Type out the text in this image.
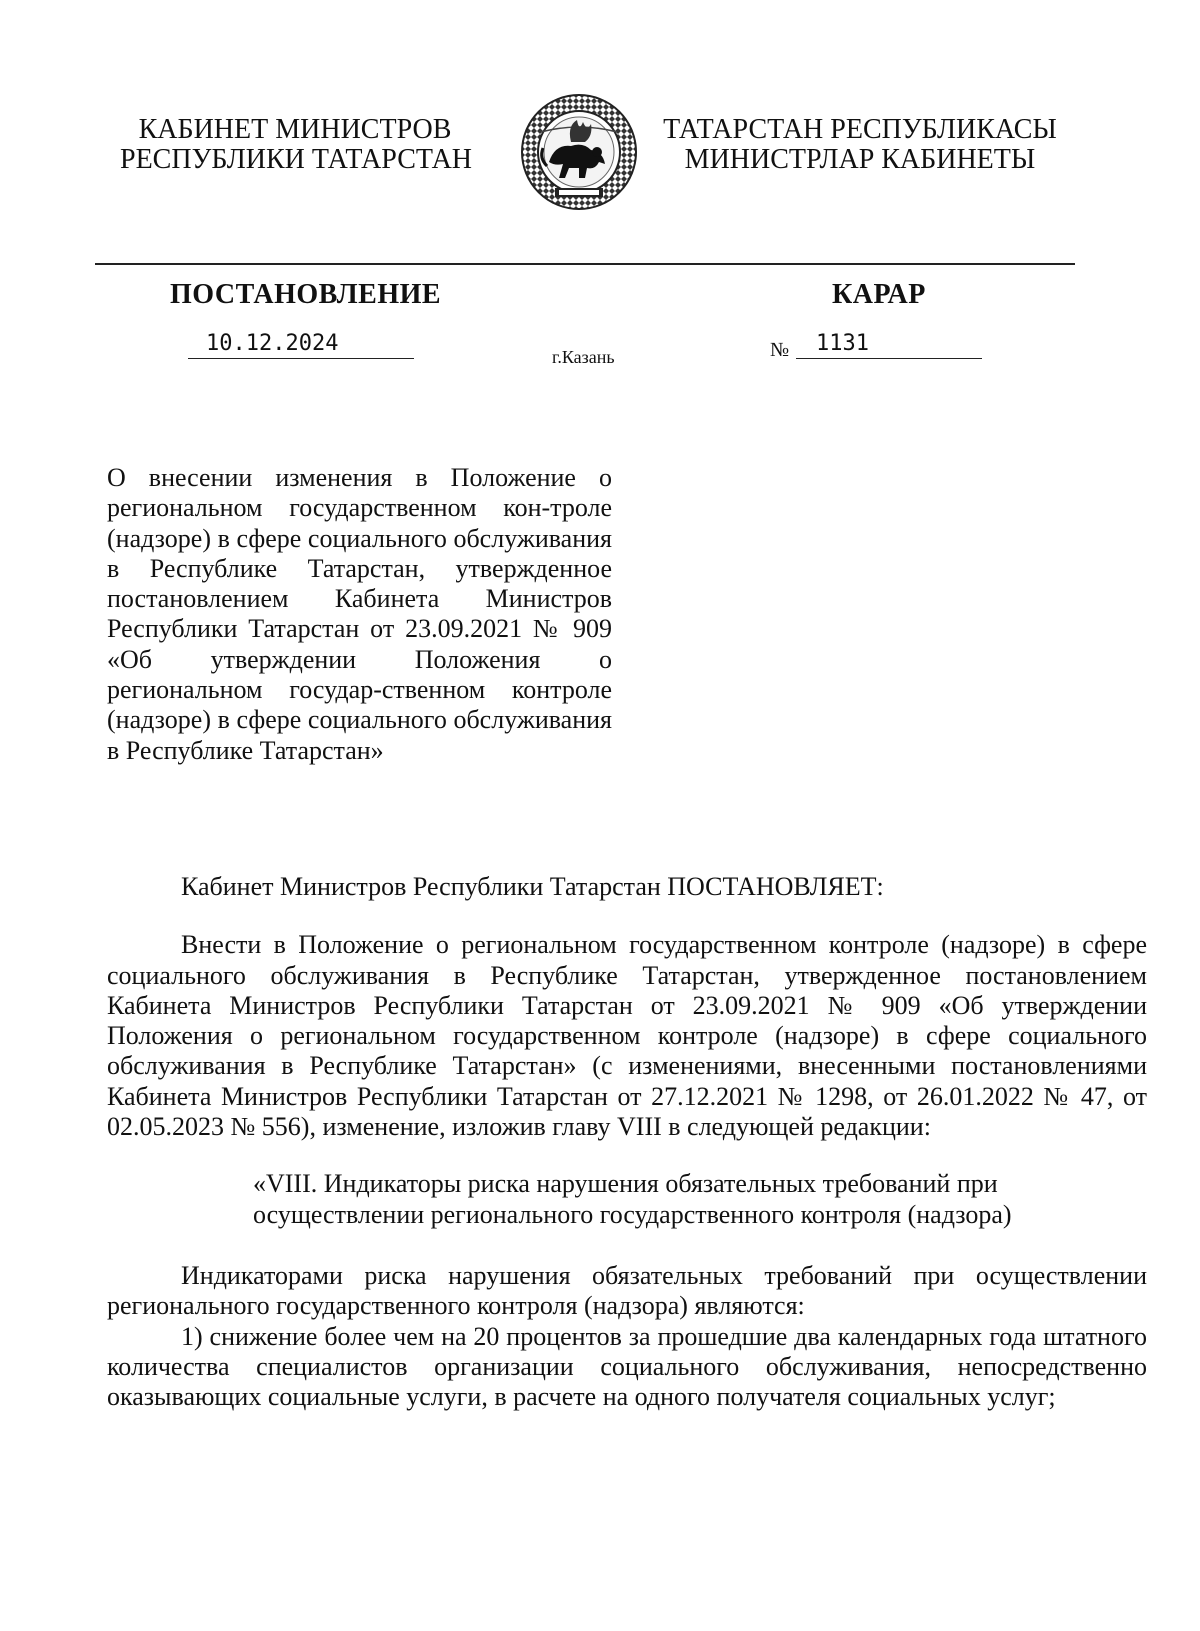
КАБИНЕТ МИНИСТРОВ
РЕСПУБЛИКИ ТАТАРСТАН
ТАТАРСТАН РЕСПУБЛИКАСЫ
МИНИСТРЛАР КАБИНЕТЫ
ПОСТАНОВЛЕНИЕ	КАРАР
10.12.2024
г.Казань	№	1131
О внесении изменения в Положение о региональном государственном кон-троле (надзоре) в сфере социального обслуживания в Республике Татарстан, утвержденное постановлением Кабинета Министров Республики Татарстан от 23.09.2021 № 909 «Об утверждении Положения о региональном государ-ственном контроле (надзоре) в сфере социального обслуживания в Республике Татарстан»

Кабинет Министров Республики Татарстан ПОСТАНОВЛЯЕТ:

Внести в Положение о региональном государственном контроле (надзоре) в сфере социального обслуживания в Республике Татарстан, утвержденное постановлением Кабинета Министров Республики Татарстан от 23.09.2021 № 909 «Об утверждении Положения о региональном государственном контроле (надзоре) в сфере социального обслуживания в Республике Татарстан» (с изменениями, внесенными постановлениями Кабинета Министров Республики Татарстан от 27.12.2021 № 1298, от 26.01.2022 № 47, от 02.05.2023 № 556), изменение, изложив главу VIII в следующей редакции:

«VIII. Индикаторы риска нарушения обязательных требований при
осуществлении регионального государственного контроля (надзора)

Индикаторами риска нарушения обязательных требований при осуществлении регионального государственного контроля (надзора) являются:

1) снижение более чем на 20 процентов за прошедшие два календарных года штатного количества специалистов организации социального обслуживания, непосредственно оказывающих социальные услуги, в расчете на одного получателя социальных услуг;
